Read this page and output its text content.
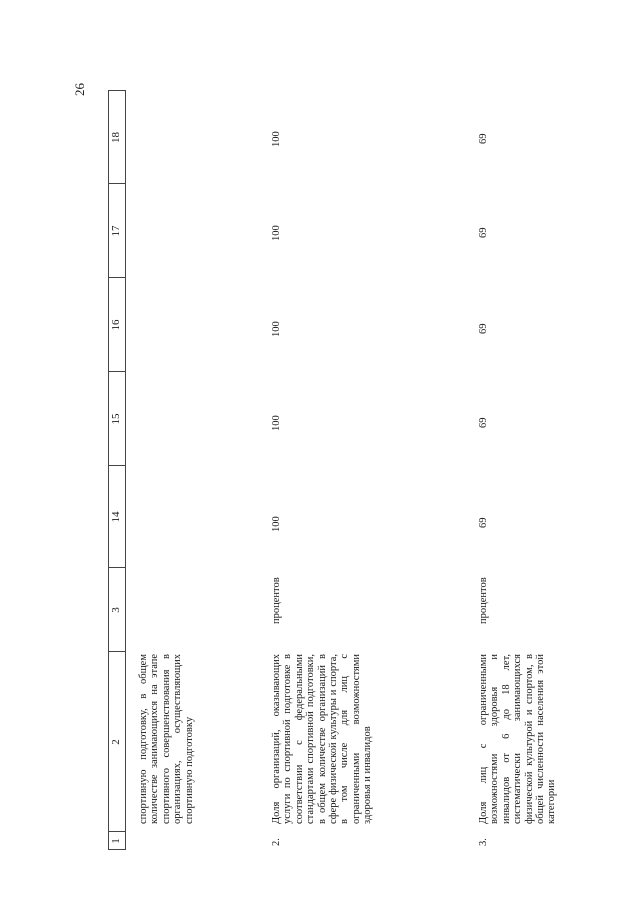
26
1
2
3
14
15
16
17
18
спортивную подготовку, в общем количестве занимающихся на этапе спортивного совершенствования в организациях, осуществляющих спортивную подготовку
2.
Доля организаций, оказывающих услуги по спортивной подготовке в соответствии с федеральными стандартами спортивной подготовки, в общем количестве организаций в сфере физической культуры и спорта, в том числе для лиц с ограниченными возможностями здоровья и инвалидов
процентов
100
100
100
100
100
3.
Доля лиц с ограниченными возможностями здоровья и инвалидов от 6 до 18 лет, систематически занимающихся физической культурой и спортом, в общей численности населения этой категории
процентов
69
69
69
69
69
